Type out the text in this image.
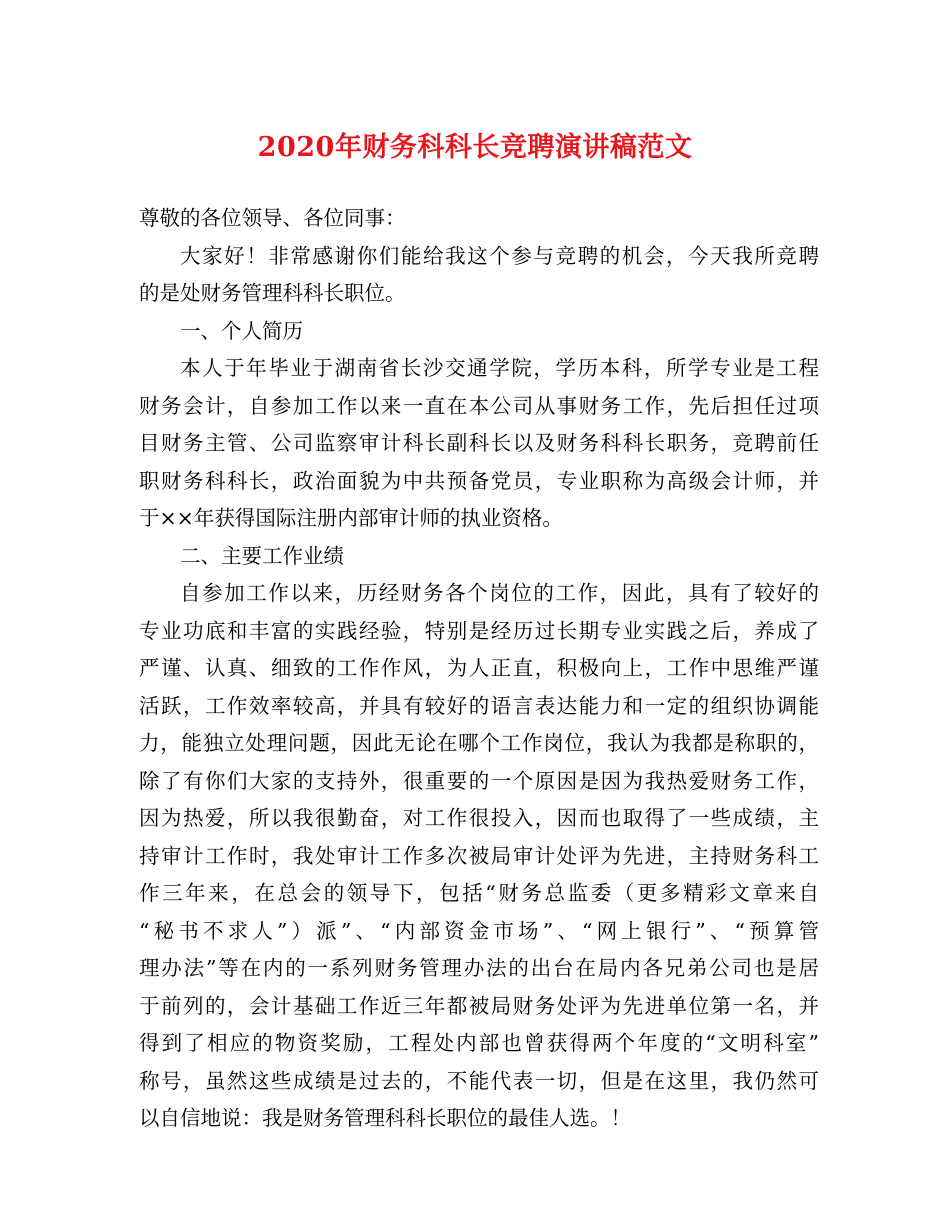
2020年财务科科长竞聘演讲稿范文
尊敬的各位领导、各位同事：
大家好！非常感谢你们能给我这个参与竞聘的机会，今天我所竞聘
的是处财务管理科科长职位。
一、个人简历
本人于年毕业于湖南省长沙交通学院，学历本科，所学专业是工程
财务会计，自参加工作以来一直在本公司从事财务工作，先后担任过项
目财务主管、公司监察审计科长副科长以及财务科科长职务，竞聘前任
职财务科科长，政治面貌为中共预备党员，专业职称为高级会计师，并
于××年获得国际注册内部审计师的执业资格。
二、主要工作业绩
自参加工作以来，历经财务各个岗位的工作，因此，具有了较好的
专业功底和丰富的实践经验，特别是经历过长期专业实践之后，养成了
严谨、认真、细致的工作作风，为人正直，积极向上，工作中思维严谨
活跃，工作效率较高，并具有较好的语言表达能力和一定的组织协调能
力，能独立处理问题，因此无论在哪个工作岗位，我认为我都是称职的，
除了有你们大家的支持外，很重要的一个原因是因为我热爱财务工作，
因为热爱，所以我很勤奋，对工作很投入，因而也取得了一些成绩，主
持审计工作时，我处审计工作多次被局审计处评为先进，主持财务科工
作三年来，在总会的领导下，包括“财务总监委（更多精彩文章来自
“秘书不求人”）派”、“内部资金市场”、“网上银行”、“预算管
理办法”等在内的一系列财务管理办法的出台在局内各兄弟公司也是居
于前列的，会计基础工作近三年都被局财务处评为先进单位第一名，并
得到了相应的物资奖励，工程处内部也曾获得两个年度的“文明科室”
称号，虽然这些成绩是过去的，不能代表一切，但是在这里，我仍然可
以自信地说：我是财务管理科科长职位的最佳人选。！
